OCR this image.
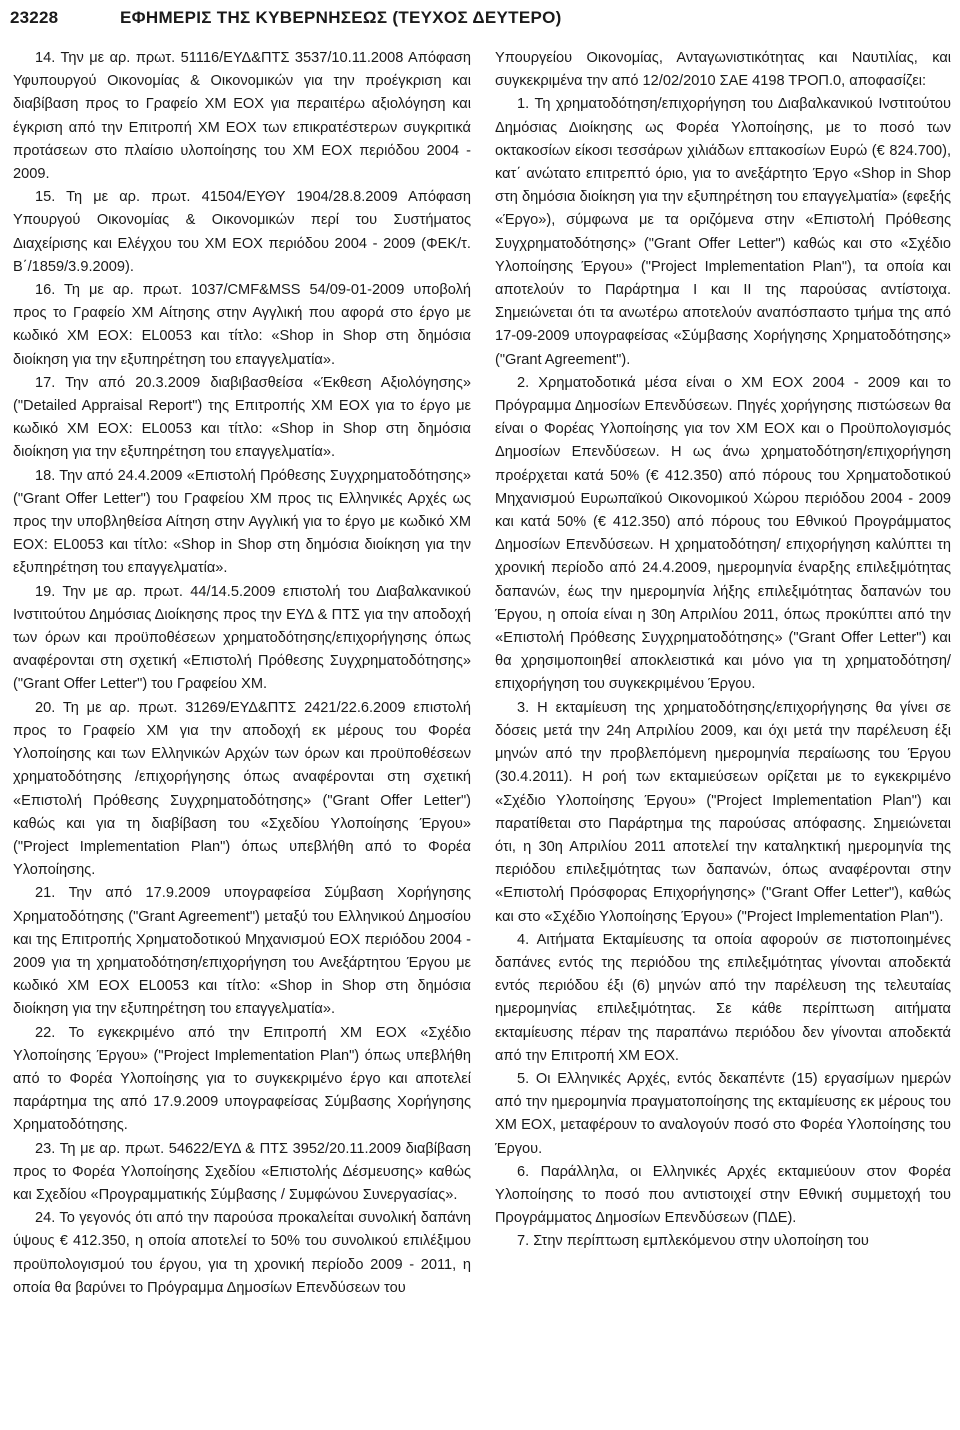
23228	ΕΦΗΜΕΡΙΣ ΤΗΣ ΚΥΒΕΡΝΗΣΕΩΣ (ΤΕΥΧΟΣ ΔΕΥΤΕΡΟ)

14. Την με αρ. πρωτ. 51116/ΕΥΔ&ΠΤΣ 3537/10.11.2008 Απόφαση Υφυπουργού Οικονομίας & Οικονομικών για την προέγκριση και διαβίβαση προς το Γραφείο ΧΜ ΕΟΧ για περαιτέρω αξιολόγηση και έγκριση από την Επιτροπή ΧΜ ΕΟΧ των επικρατέστερων συγκριτικά προτάσεων στο πλαίσιο υλοποίησης του ΧΜ ΕΟΧ περιόδου 2004 - 2009.

15. Τη με αρ. πρωτ. 41504/ΕΥΘΥ 1904/28.8.2009 Απόφαση Υπουργού Οικονομίας & Οικονομικών περί του Συστήματος Διαχείρισης και Ελέγχου του ΧΜ ΕΟΧ περιόδου 2004 - 2009 (ΦΕΚ/τ. Β΄/1859/3.9.2009).

16. Τη με αρ. πρωτ. 1037/CMF&MSS 54/09-01-2009 υποβολή προς το Γραφείο ΧΜ Αίτησης στην Αγγλική που αφορά στο έργο με κωδικό ΧΜ ΕΟΧ: EL0053 και τίτλο: «Shop in Shop στη δημόσια διοίκηση για την εξυπηρέτηση του επαγγελματία».

17. Την από 20.3.2009 διαβιβασθείσα «Έκθεση Αξιολόγησης» ("Detailed Appraisal Report") της Επιτροπής ΧΜ ΕΟΧ για το έργο με κωδικό ΧΜ ΕΟΧ: EL0053 και τίτλο: «Shop in Shop στη δημόσια διοίκηση για την εξυπηρέτηση του επαγγελματία».

18. Την από 24.4.2009 «Επιστολή Πρόθεσης Συγχρηματοδότησης» ("Grant Offer Letter") του Γραφείου ΧΜ προς τις Ελληνικές Αρχές ως προς την υποβληθείσα Αίτηση στην Αγγλική για το έργο με κωδικό ΧΜ ΕΟΧ: EL0053 και τίτλο: «Shop in Shop στη δημόσια διοίκηση για την εξυπηρέτηση του επαγγελματία».

19. Την με αρ. πρωτ. 44/14.5.2009 επιστολή του Διαβαλκανικού Ινστιτούτου Δημόσιας Διοίκησης προς την ΕΥΔ & ΠΤΣ για την αποδοχή των όρων και προϋποθέσεων χρηματοδότησης/επιχορήγησης όπως αναφέρονται στη σχετική «Επιστολή Πρόθεσης Συγχρηματοδότησης» ("Grant Offer Letter") του Γραφείου ΧΜ.

20. Τη με αρ. πρωτ. 31269/ΕΥΔ&ΠΤΣ 2421/22.6.2009 επιστολή προς το Γραφείο ΧΜ για την αποδοχή εκ μέρους του Φορέα Υλοποίησης και των Ελληνικών Αρχών των όρων και προϋποθέσεων χρηματοδότησης /επιχορήγησης όπως αναφέρονται στη σχετική «Επιστολή Πρόθεσης Συγχρηματοδότησης» ("Grant Offer Letter") καθώς και για τη διαβίβαση του «Σχεδίου Υλοποίησης Έργου» ("Project Implementation Plan") όπως υπεβλήθη από το Φορέα Υλοποίησης.

21. Την από 17.9.2009 υπογραφείσα Σύμβαση Χορήγησης Χρηματοδότησης ("Grant Agreement") μεταξύ του Ελληνικού Δημοσίου και της Επιτροπής Χρηματοδοτικού Μηχανισμού ΕΟΧ περιόδου 2004 - 2009 για τη χρηματοδότηση/επιχορήγηση του Ανεξάρτητου Έργου με κωδικό ΧΜ ΕΟΧ EL0053 και τίτλο: «Shop in Shop στη δημόσια διοίκηση για την εξυπηρέτηση του επαγγελματία».

22. Το εγκεκριμένο από την Επιτροπή ΧΜ ΕΟΧ «Σχέδιο Υλοποίησης Έργου» ("Project Implementation Plan") όπως υπεβλήθη από το Φορέα Υλοποίησης για το συγκεκριμένο έργο και αποτελεί παράρτημα της από 17.9.2009 υπογραφείσας Σύμβασης Χορήγησης Χρηματοδότησης.

23. Τη με αρ. πρωτ. 54622/ΕΥΔ & ΠΤΣ 3952/20.11.2009 διαβίβαση προς το Φορέα Υλοποίησης Σχεδίου «Επιστολής Δέσμευσης» καθώς και Σχεδίου «Προγραμματικής Σύμβασης / Συμφώνου Συνεργασίας».

24. Το γεγονός ότι από την παρούσα προκαλείται συνολική δαπάνη ύψους € 412.350, η οποία αποτελεί το 50% του συνολικού επιλέξιμου προϋπολογισμού του έργου, για τη χρονική περίοδο 2009 - 2011, η οποία θα βαρύνει το Πρόγραμμα Δημοσίων Επενδύσεων του

Υπουργείου Οικονομίας, Ανταγωνιστικότητας και Ναυτιλίας, και συγκεκριμένα την από 12/02/2010 ΣΑΕ 4198 ΤΡΟΠ.0, αποφασίζει:

1. Τη χρηματοδότηση/επιχορήγηση του Διαβαλκανικού Ινστιτούτου Δημόσιας Διοίκησης ως Φορέα Υλοποίησης, με το ποσό των οκτακοσίων είκοσι τεσσάρων χιλιάδων επτακοσίων Ευρώ (€ 824.700), κατ΄ ανώτατο επιτρεπτό όριο, για το ανεξάρτητο Έργο «Shop in Shop στη δημόσια διοίκηση για την εξυπηρέτηση του επαγγελματία» (εφεξής «Έργο»), σύμφωνα με τα οριζόμενα στην «Επιστολή Πρόθεσης Συγχρηματοδότησης» ("Grant Offer Letter") καθώς και στο «Σχέδιο Υλοποίησης Έργου» ("Project Implementation Plan"), τα οποία και αποτελούν το Παράρτημα Ι και ΙΙ της παρούσας αντίστοιχα. Σημειώνεται ότι τα ανωτέρω αποτελούν αναπόσπαστο τμήμα της από 17-09-2009 υπογραφείσας «Σύμβασης Χορήγησης Χρηματοδότησης» ("Grant Agreement").

2. Χρηματοδοτικά μέσα είναι ο ΧΜ ΕΟΧ 2004 - 2009 και το Πρόγραμμα Δημοσίων Επενδύσεων. Πηγές χορήγησης πιστώσεων θα είναι ο Φορέας Υλοποίησης για τον ΧΜ ΕΟΧ και ο Προϋπολογισμός Δημοσίων Επενδύσεων. Η ως άνω χρηματοδότηση/επιχορήγηση προέρχεται κατά 50% (€ 412.350) από πόρους του Χρηματοδοτικού Μηχανισμού Ευρωπαϊκού Οικονομικού Χώρου περιόδου 2004 - 2009 και κατά 50% (€ 412.350) από πόρους του Εθνικού Προγράμματος Δημοσίων Επενδύσεων. Η χρηματοδότηση/ επιχορήγηση καλύπτει τη χρονική περίοδο από 24.4.2009, ημερομηνία έναρξης επιλεξιμότητας δαπανών, έως την ημερομηνία λήξης επιλεξιμότητας δαπανών του Έργου, η οποία είναι η 30η Απριλίου 2011, όπως προκύπτει από την «Επιστολή Πρόθεσης Συγχρηματοδότησης» ("Grant Offer Letter") και θα χρησιμοποιηθεί αποκλειστικά και μόνο για τη χρηματοδότηση/ επιχορήγηση του συγκεκριμένου Έργου.

3. Η εκταμίευση της χρηματοδότησης/επιχορήγησης θα γίνει σε δόσεις μετά την 24η Απριλίου 2009, και όχι μετά την παρέλευση έξι μηνών από την προβλεπόμενη ημερομηνία περαίωσης του Έργου (30.4.2011). Η ροή των εκταμιεύσεων ορίζεται με το εγκεκριμένο «Σχέδιο Υλοποίησης Έργου» ("Project Implementation Plan") και παρατίθεται στο Παράρτημα της παρούσας απόφασης. Σημειώνεται ότι, η 30η Απριλίου 2011 αποτελεί την καταληκτική ημερομηνία της περιόδου επιλεξιμότητας των δαπανών, όπως αναφέρονται στην «Επιστολή Πρόσφορας Επιχορήγησης» ("Grant Offer Letter"), καθώς και στο «Σχέδιο Υλοποίησης Έργου» ("Project Implementation Plan").

4. Αιτήματα Εκταμίευσης τα οποία αφορούν σε πιστοποιημένες δαπάνες εντός της περιόδου της επιλεξιμότητας γίνονται αποδεκτά εντός περιόδου έξι (6) μηνών από την παρέλευση της τελευταίας ημερομηνίας επιλεξιμότητας. Σε κάθε περίπτωση αιτήματα εκταμίευσης πέραν της παραπάνω περιόδου δεν γίνονται αποδεκτά από την Επιτροπή ΧΜ ΕΟΧ.

5. Οι Ελληνικές Αρχές, εντός δεκαπέντε (15) εργασίμων ημερών από την ημερομηνία πραγματοποίησης της εκταμίευσης εκ μέρους του ΧΜ ΕΟΧ, μεταφέρουν το αναλογούν ποσό στο Φορέα Υλοποίησης του Έργου.

6. Παράλληλα, οι Ελληνικές Αρχές εκταμιεύουν στον Φορέα Υλοποίησης το ποσό που αντιστοιχεί στην Εθνική συμμετοχή του Προγράμματος Δημοσίων Επενδύσεων (ΠΔΕ).

7. Στην περίπτωση εμπλεκόμενου στην υλοποίηση του
